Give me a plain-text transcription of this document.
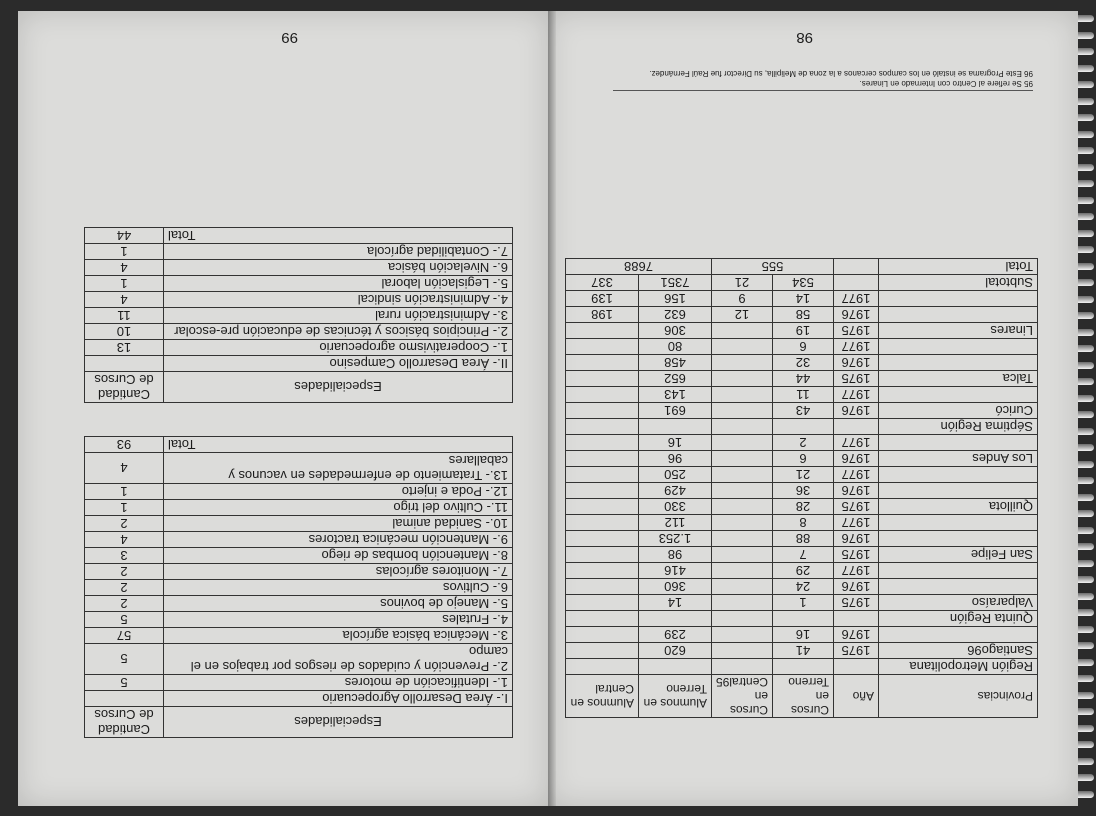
Provincias	Año	Cursos en Terreno	Cursos en Central95	Alumnos en Terreno	Alumnos en Central
Región Metropolitana					
Santiago96	1975	41		620	
	1976	16		239	
Quinta Región					
Valparaíso	1975	1		14	
	1976	24		360	
	1977	29		416	
San Felipe	1975	7		98	
	1976	88		1.253	
	1977	8		112	
Quillota	1975	28		330	
	1976	36		429	
	1977	21		250	
Los Andes	1976	6		96	
	1977	2		16	
Séptima Región					
Curicó	1976	43		691	
	1977	11		143	
Talca	1975	44		652	
	1976	32		458	
	1977	6		80	
Linares	1975	19		306	
	1976	58	12	632	198
	1977	14	9	156	139
Subtotal		534	21	7351	337
Total		555		7688	
95 Se refiere al Centro con Internado en Linares.
96 Este Programa se instaló en los campos cercanos a la zona de Melipilla, su Director fue Raúl Fernández.
98
Especialidades	Cantidad de Cursos
I.- Área Desarrollo Agropecuario	
1.- Identificación de motores	5
2.- Prevención y cuidados de riesgos por trabajos en el campo	5
3.- Mecánica básica agrícola	57
4.- Frutales	5
5.- Manejo de bovinos	2
6.- Cultivos	2
7.- Monitores agrícolas	2
8.- Mantención bombas de riego	3
9.- Mantención mecánica tractores	4
10.- Sanidad animal	2
11.- Cultivo del trigo	1
12.- Poda e injerto	1
13.- Tratamiento de enfermedades en vacunos y caballares	4
Total	93
Especialidades	Cantidad de Cursos
II.- Área Desarrollo Campesino	
1.- Cooperativismo agropecuario	13
2.- Principios básicos y técnicas de educación pre-escolar	10
3.- Administración rural	11
4.- Administración sindical	4
5.- Legislación laboral	1
6.- Nivelación básica	4
7.- Contabilidad agrícola	1
Total	44
99
